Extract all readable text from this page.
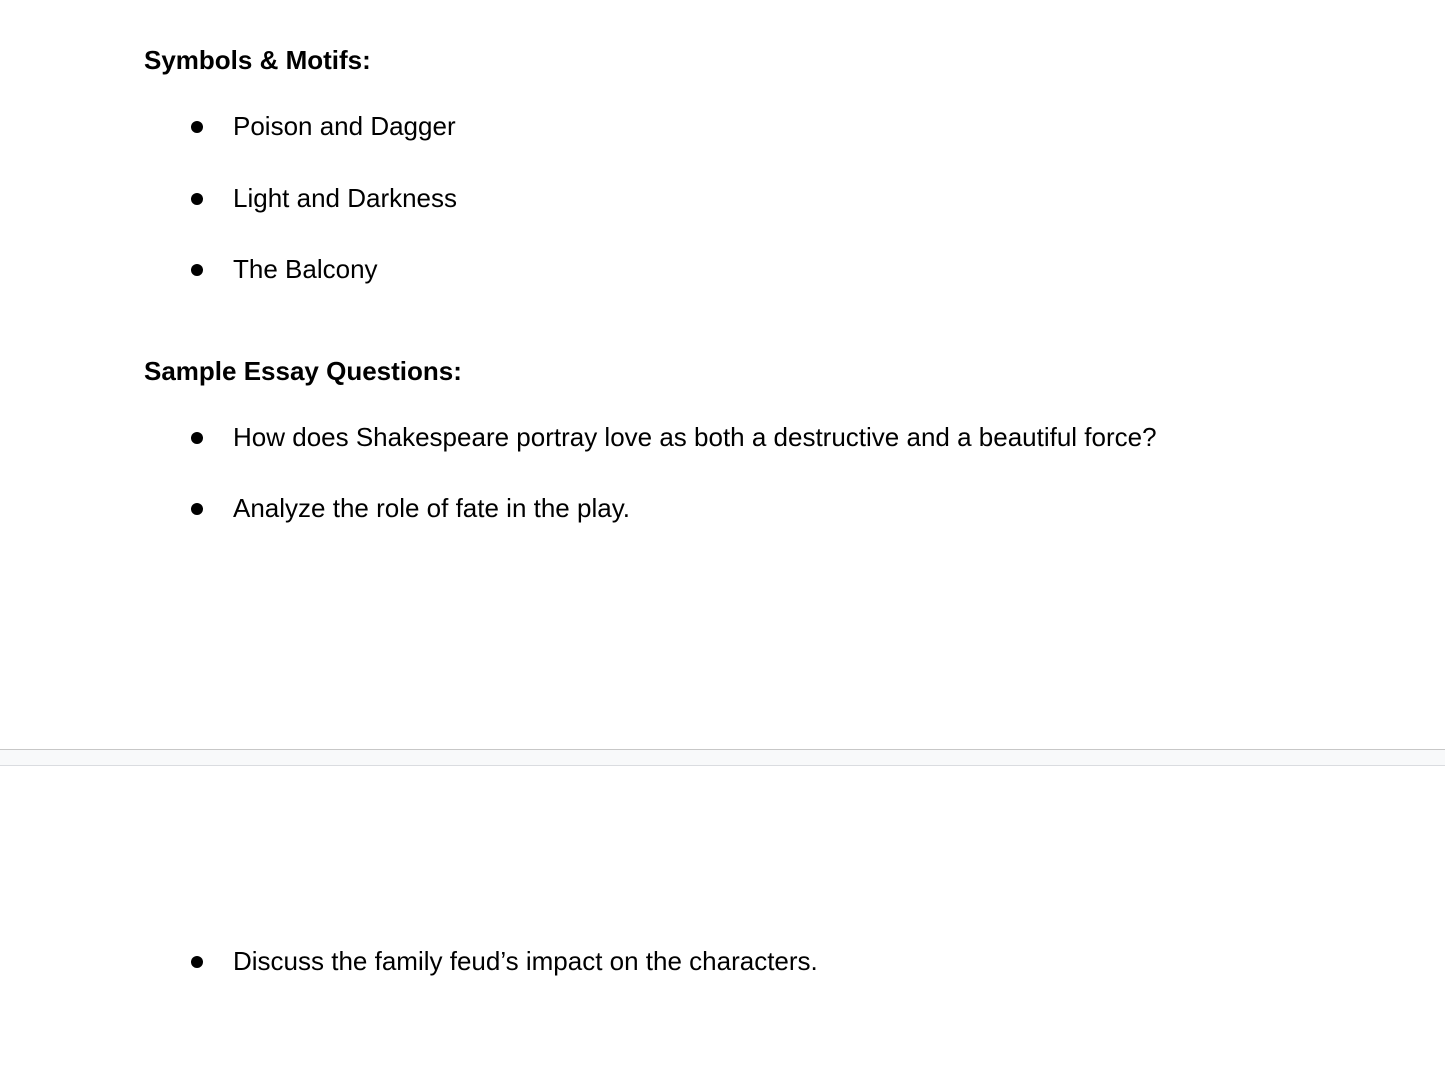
Symbols & Motifs:
Poison and Dagger
Light and Darkness
The Balcony
Sample Essay Questions:
How does Shakespeare portray love as both a destructive and a beautiful force?
Analyze the role of fate in the play.
Discuss the family feud’s impact on the characters.
